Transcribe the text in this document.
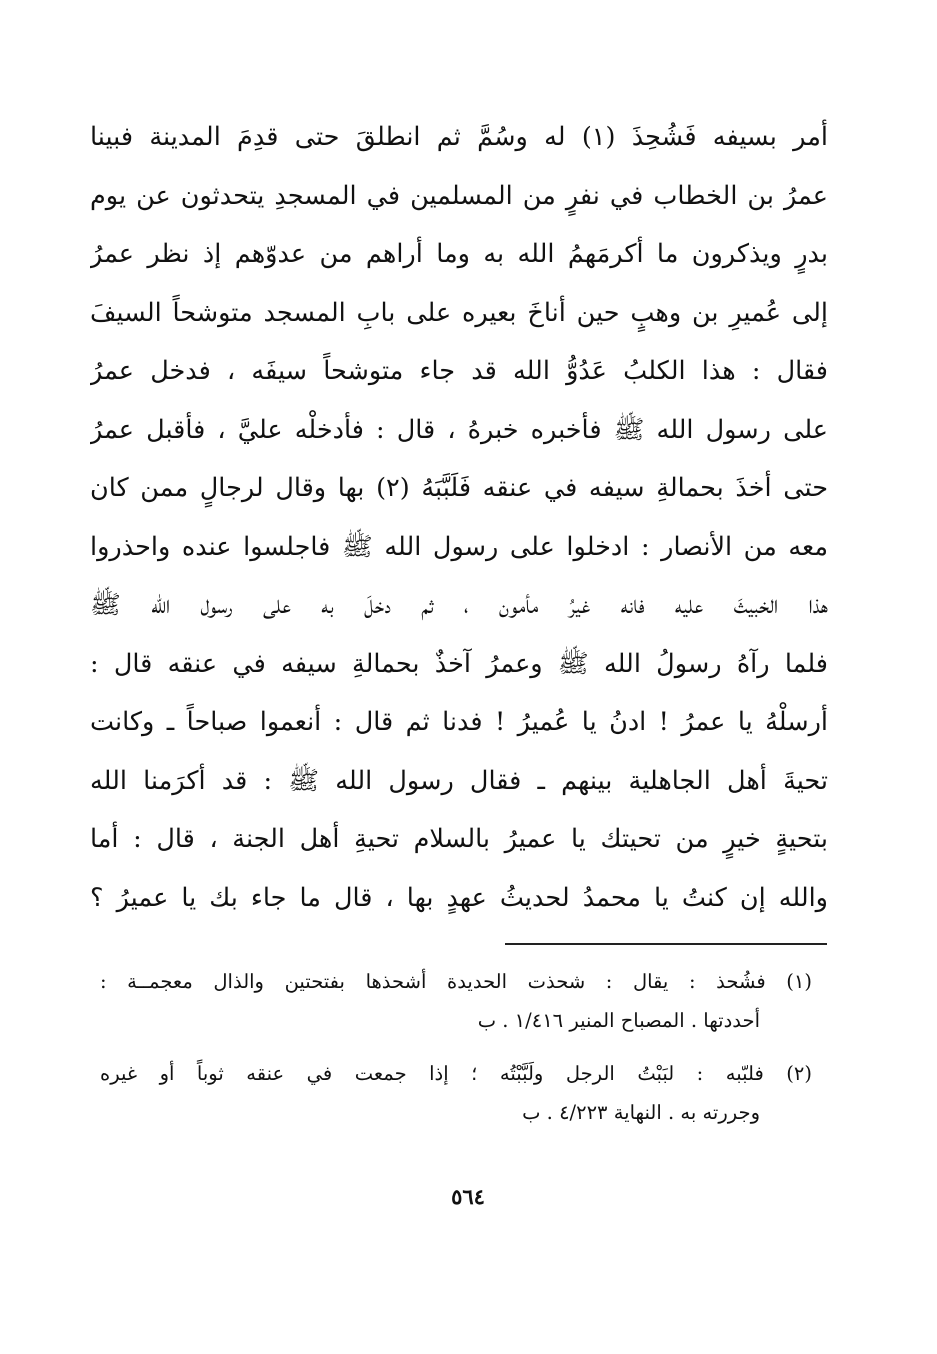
أمر بسيفه فَشُحِذَ (١) له وسُمَّ ثم انطلقَ حتى قدِمَ المدينة فبينا
عمرُ بن الخطاب في نفرٍ من المسلمين في المسجدِ يتحدثون عن يوم
بدرٍ ويذكرون ما أكرمَهمُ الله به وما أراهم من عدوّهم إذ نظر عمرُ
إلى عُميرِ بن وهبٍ حين أناخَ بعيره على بابِ المسجد متوشحاً السيفَ
فقال : هذا الكلبُ عَدُوُّ الله قد جاء متوشحاً سيفَه ، فدخل عمرُ
على رسول الله ﷺ فأخبره خبرهُ ، قال : فأدخلْه عليَّ ، فأقبل عمرُ
حتى أخذَ بحمالةِ سيفه في عنقه فَلَبَّبَهُ (٢) بها وقال لرجالٍ ممن كان
معه من الأنصار : ادخلوا على رسول الله ﷺ فاجلسوا عنده واحذروا
هذا الخبيثَ عليه فانه غيرُ مأمون ، ثم دخلَ به على رسول الله ﷺ
فلما رآهُ رسولُ الله ﷺ وعمرُ آخذٌ بحمالةِ سيفه في عنقه قال :
أرسلْهُ يا عمرُ ! ادنُ يا عُميرُ ! فدنا ثم قال : أنعموا صباحاً ـ وكانت
تحيةَ أهل الجاهلية بينهم ـ فقال رسول الله ﷺ : قد أكرَمنا الله
بتحيةٍ خيرٍ من تحيتك يا عميرُ بالسلام تحيةِ أهل الجنة ، قال : أما
والله إن كنتُ يا محمدُ لحديثُ عهدٍ بها ، قال ما جاء بك يا عميرُ ؟
(١) فشُحذ : يقال : شحذت الحديدة أشحذها بفتحتين والذال معجمــة :
أحددتها . المصباح المنير ١/٤١٦ . ب
(٢) فلبّبه : لبَبْتُ الرجل ولَبَّبْتُه ؛ إذا جمعت في عنقه ثوباً أو غيره
وجررته به . النهاية ٤/٢٢٣ . ب
٥٦٤
